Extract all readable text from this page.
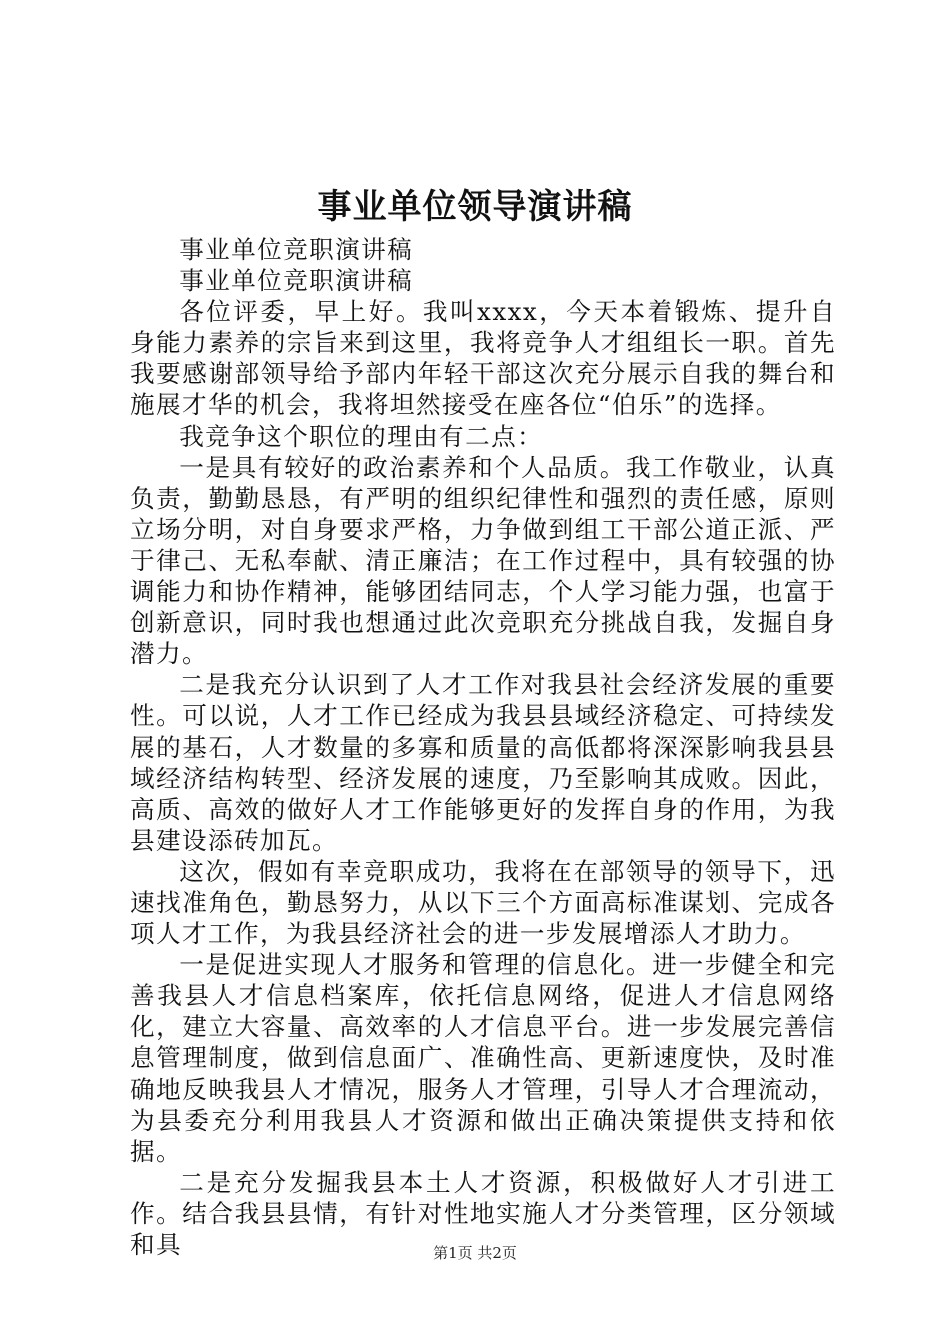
事业单位领导演讲稿

事业单位竞职演讲稿

事业单位竞职演讲稿

各位评委，早上好。我叫xxxx，今天本着锻炼、提升自身能力素养的宗旨来到这里，我将竞争人才组组长一职。首先我要感谢部领导给予部内年轻干部这次充分展示自我的舞台和施展才华的机会，我将坦然接受在座各位“伯乐”的选择。

我竞争这个职位的理由有二点：

一是具有较好的政治素养和个人品质。我工作敬业，认真负责，勤勤恳恳，有严明的组织纪律性和强烈的责任感，原则立场分明，对自身要求严格，力争做到组工干部公道正派、严于律己、无私奉献、清正廉洁；在工作过程中，具有较强的协调能力和协作精神，能够团结同志，个人学习能力强，也富于创新意识，同时我也想通过此次竞职充分挑战自我，发掘自身潜力。

二是我充分认识到了人才工作对我县社会经济发展的重要性。可以说，人才工作已经成为我县县域经济稳定、可持续发展的基石，人才数量的多寡和质量的高低都将深深影响我县县域经济结构转型、经济发展的速度，乃至影响其成败。因此，高质、高效的做好人才工作能够更好的发挥自身的作用，为我县建设添砖加瓦。

这次，假如有幸竞职成功，我将在在部领导的领导下，迅速找准角色，勤恳努力，从以下三个方面高标准谋划、完成各项人才工作，为我县经济社会的进一步发展增添人才助力。

一是促进实现人才服务和管理的信息化。进一步健全和完善我县人才信息档案库，依托信息网络，促进人才信息网络化，建立大容量、高效率的人才信息平台。进一步发展完善信息管理制度，做到信息面广、准确性高、更新速度快，及时准确地反映我县人才情况，服务人才管理，引导人才合理流动，为县委充分利用我县人才资源和做出正确决策提供支持和依据。

二是充分发掘我县本土人才资源，积极做好人才引进工作。结合我县县情，有针对性地实施人才分类管理，区分领域和具	第1页 共2页
